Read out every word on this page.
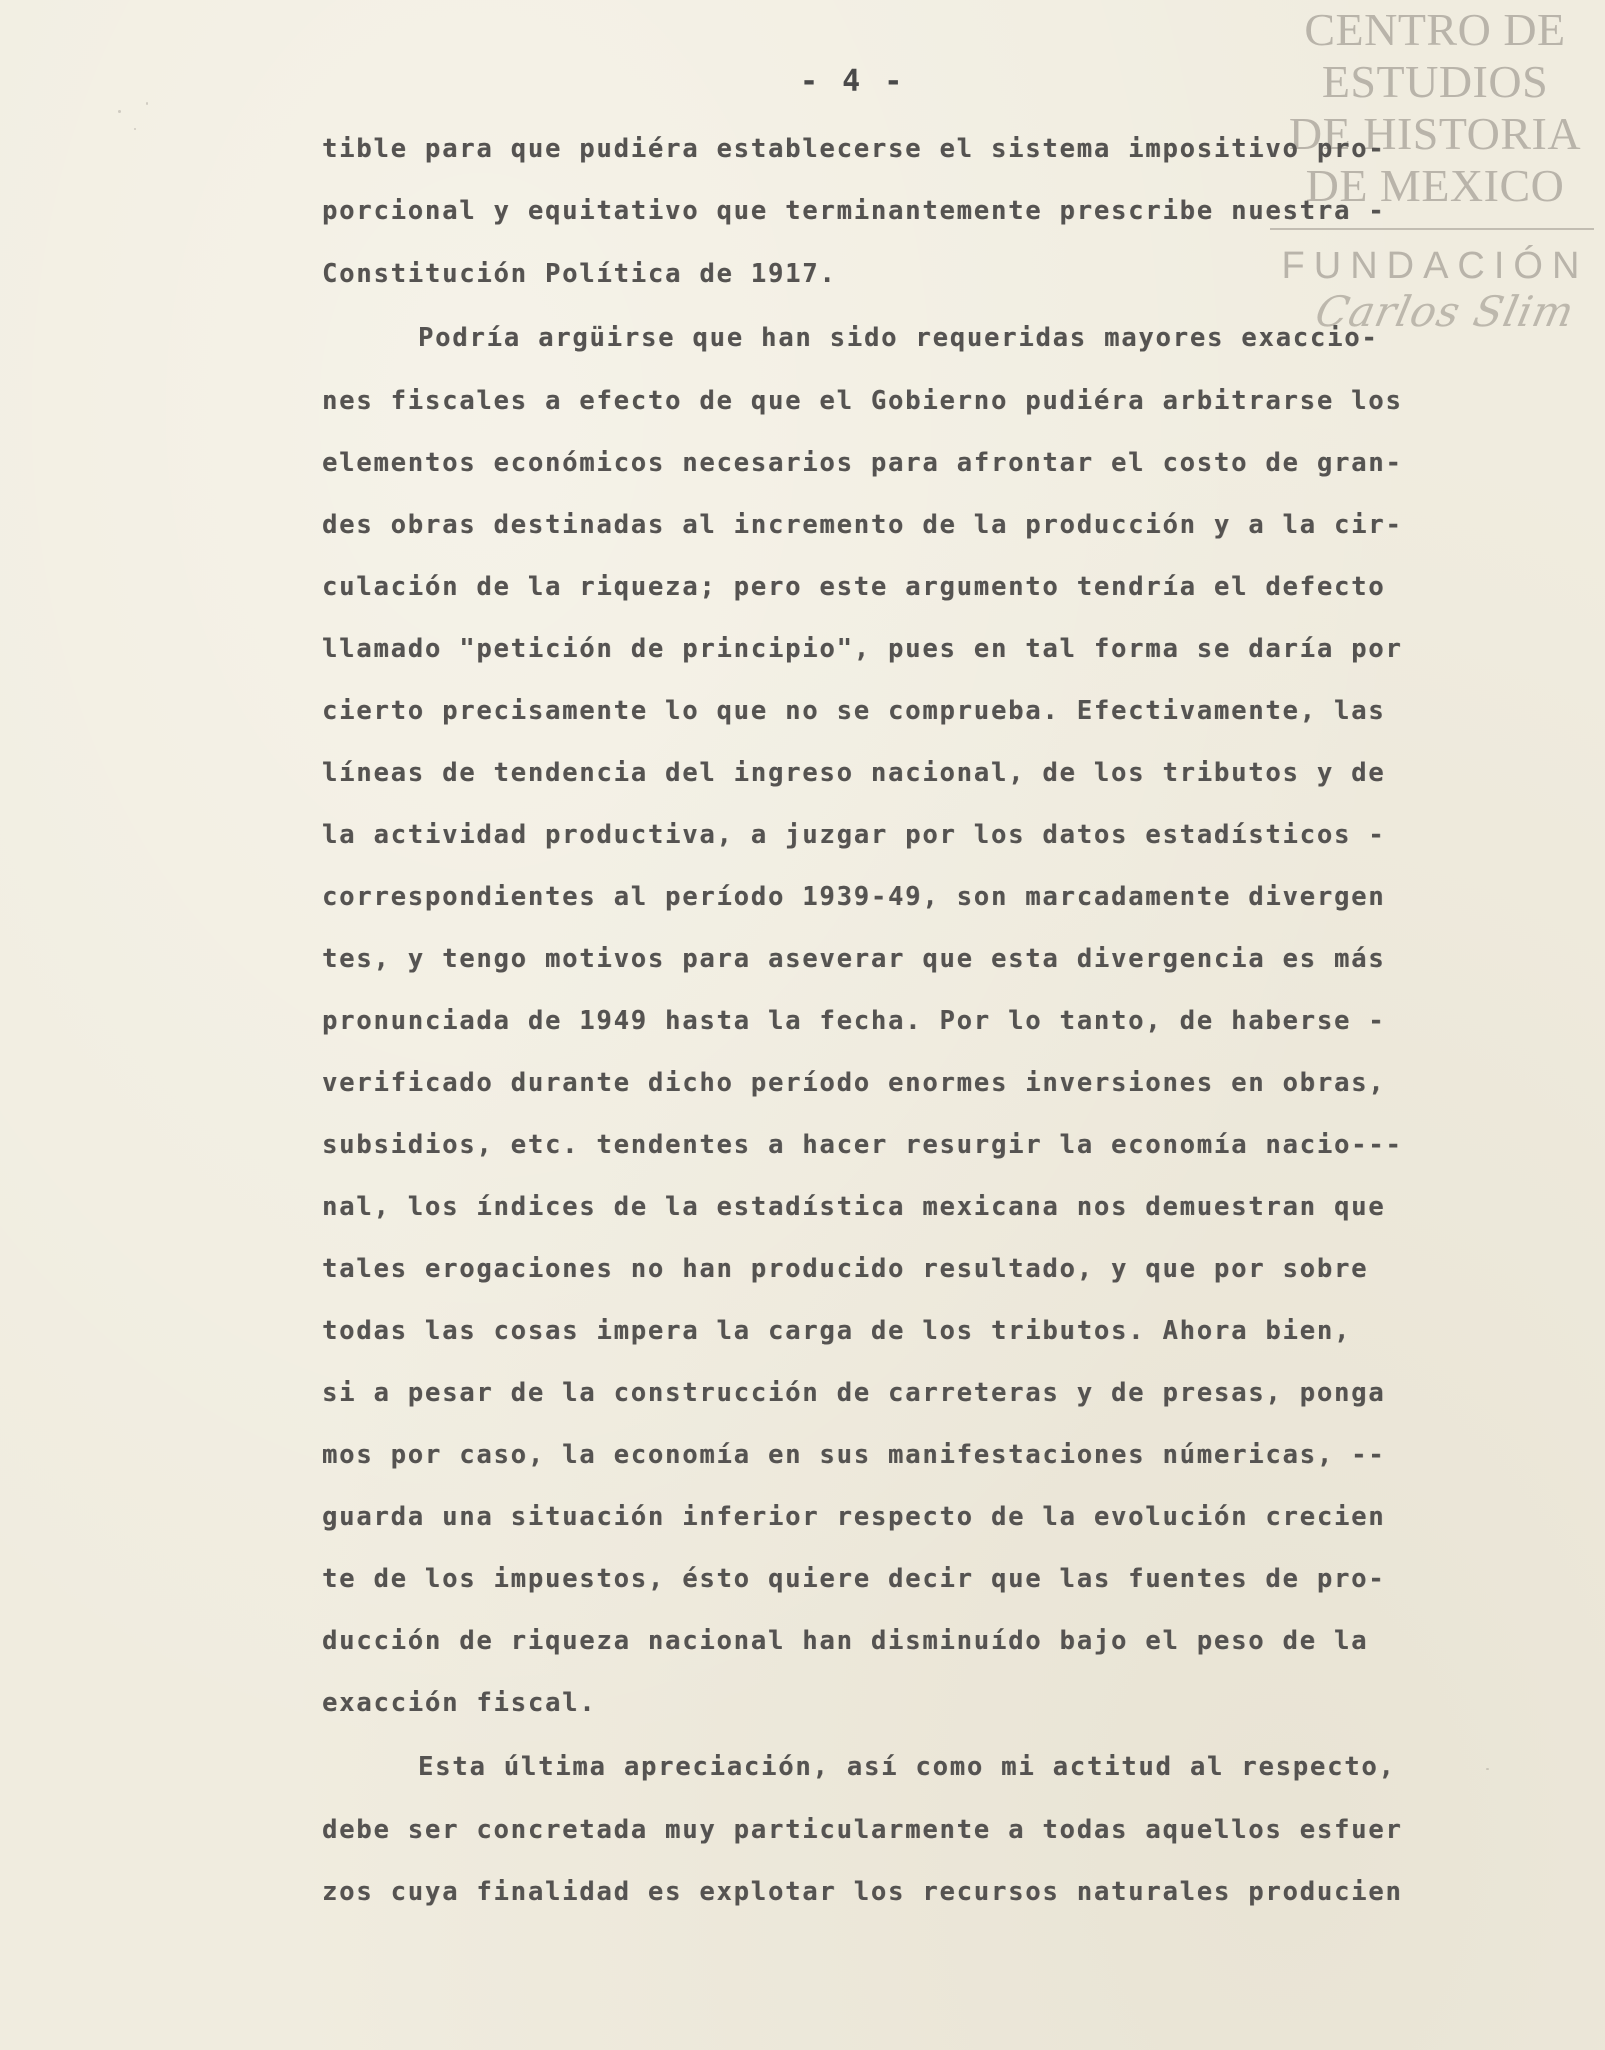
CENTRO DE
ESTUDIOS
DE HISTORIA
DE MEXICO
FUNDACIÓN
Carlos Slim
- 4 -
tible para que pudiéra establecerse el sistema impositivo pro-
porcional y equitativo que terminantemente prescribe nuestra -
Constitución Política de 1917.
Podría argüirse que han sido requeridas mayores exaccio-
nes fiscales a efecto de que el Gobierno pudiéra arbitrarse los
elementos económicos necesarios para afrontar el costo de gran-
des obras destinadas al incremento de la producción y a la cir-
culación de la riqueza; pero este argumento tendría el defecto
llamado "petición de principio", pues en tal forma se daría por
cierto precisamente lo que no se comprueba. Efectivamente, las
líneas de tendencia del ingreso nacional, de los tributos y de
la actividad productiva, a juzgar por los datos estadísticos -
correspondientes al período 1939-49, son marcadamente divergen
tes, y tengo motivos para aseverar que esta divergencia es más
pronunciada de 1949 hasta la fecha. Por lo tanto, de haberse -
verificado durante dicho período enormes inversiones en obras,
subsidios, etc. tendentes a hacer resurgir la economía nacio---
nal, los índices de la estadística mexicana nos demuestran que
tales erogaciones no han producido resultado, y que por sobre
todas las cosas impera la carga de los tributos. Ahora bien,
si a pesar de la construcción de carreteras y de presas, ponga
mos por caso, la economía en sus manifestaciones númericas, --
guarda una situación inferior respecto de la evolución crecien
te de los impuestos, ésto quiere decir que las fuentes de pro-
ducción de riqueza nacional han disminuído bajo el peso de la
exacción fiscal.
Esta última apreciación, así como mi actitud al respecto,
debe ser concretada muy particularmente a todas aquellos esfuer
zos cuya finalidad es explotar los recursos naturales producien
